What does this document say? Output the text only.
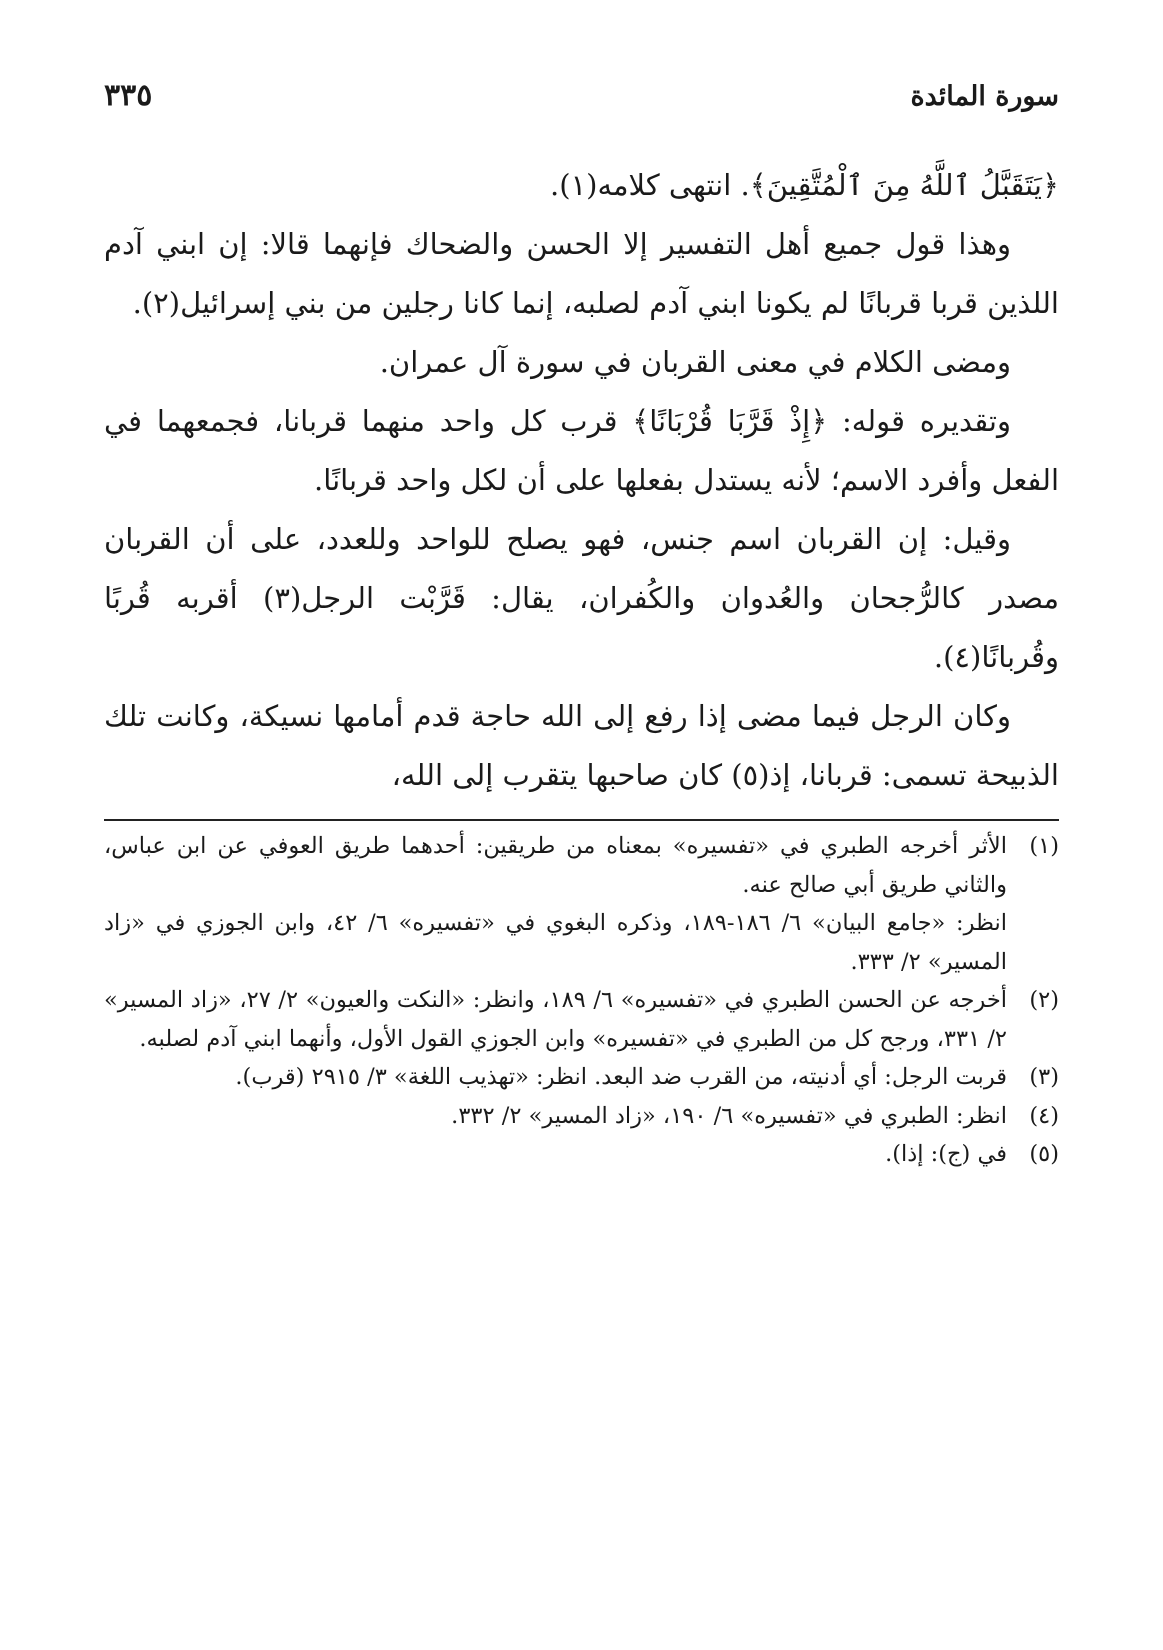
سورة المائدة
٣٣٥

﴿يَتَقَبَّلُ ٱللَّهُ مِنَ ٱلْمُتَّقِينَ﴾. انتهى كلامه(١).

وهذا قول جميع أهل التفسير إلا الحسن والضحاك فإنهما قالا: إن ابني آدم اللذين قربا قربانًا لم يكونا ابني آدم لصلبه، إنما كانا رجلين من بني إسرائيل(٢).

ومضى الكلام في معنى القربان في سورة آل عمران.

وتقديره قوله: ﴿إِذْ قَرَّبَا قُرْبَانًا﴾ قرب كل واحد منهما قربانا، فجمعهما في الفعل وأفرد الاسم؛ لأنه يستدل بفعلها على أن لكل واحد قربانًا.

وقيل: إن القربان اسم جنس، فهو يصلح للواحد وللعدد، على أن القربان مصدر كالرُّجحان والعُدوان والكُفران، يقال: قَرَّبْت الرجل(٣) أقربه قُربًا وقُربانًا(٤).

وكان الرجل فيما مضى إذا رفع إلى الله حاجة قدم أمامها نسيكة، وكانت تلك الذبيحة تسمى: قربانا، إذ(٥) كان صاحبها يتقرب إلى الله،

(١)

الأثر أخرجه الطبري في «تفسيره» بمعناه من طريقين: أحدهما طريق العوفي عن ابن عباس، والثاني طريق أبي صالح عنه.

انظر: «جامع البيان» ٦/ ١٨٦-١٨٩، وذكره البغوي في «تفسيره» ٦/ ٤٢، وابن الجوزي في «زاد المسير» ٢/ ٣٣٣.

(٢)

أخرجه عن الحسن الطبري في «تفسيره» ٦/ ١٨٩، وانظر: «النكت والعيون» ٢/ ٢٧، «زاد المسير» ٢/ ٣٣١، ورجح كل من الطبري في «تفسيره» وابن الجوزي القول الأول، وأنهما ابني آدم لصلبه.

(٣)

قربت الرجل: أي أدنيته، من القرب ضد البعد. انظر: «تهذيب اللغة» ٣/ ٢٩١٥ (قرب).

(٤)

انظر: الطبري في «تفسيره» ٦/ ١٩٠، «زاد المسير» ٢/ ٣٣٢.

(٥)

في (ج): إذا).
